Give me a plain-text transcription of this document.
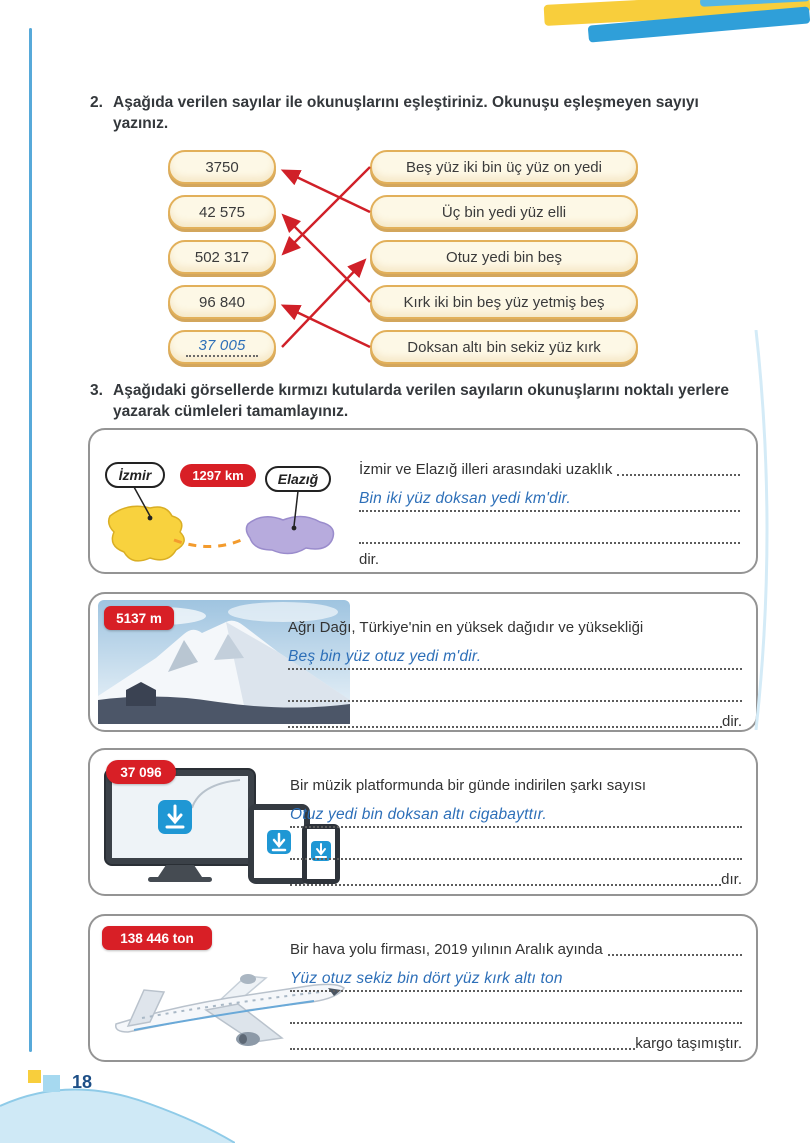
2. Aşağıda verilen sayılar ile okunuşlarını eşleştiriniz. Okunuşu eşleşmeyen sayıyı yazınız.
3750
42 575
502 317
96 840
37 005
Beş yüz iki bin üç yüz on yedi
Üç bin yedi yüz elli
Otuz yedi bin beş
Kırk iki bin beş yüz yetmiş beş
Doksan altı bin sekiz yüz kırk
3. Aşağıdaki görsellerde kırmızı kutularda verilen sayıların okunuşlarını noktalı yerlere yazarak cümleleri tamamlayınız.
İzmir	Elazığ
1297 km	İzmir ve Elazığ illeri arasındaki uzaklık
Bin iki yüz doksan yedi km'dir.
dir.
5137 m
Ağrı Dağı, Türkiye'nin en yüksek dağıdır ve yüksekliği
Beş bin yüz otuz yedi m'dir.
dir.
37 096
Bir müzik platformunda bir günde indirilen şarkı sayısı
Otuz yedi bin doksan altı cigabayttır.
dır.
138 446 ton
Bir hava yolu firması, 2019 yılının Aralık ayında
Yüz otuz sekiz bin dört yüz kırk altı ton
kargo taşımıştır.
18
